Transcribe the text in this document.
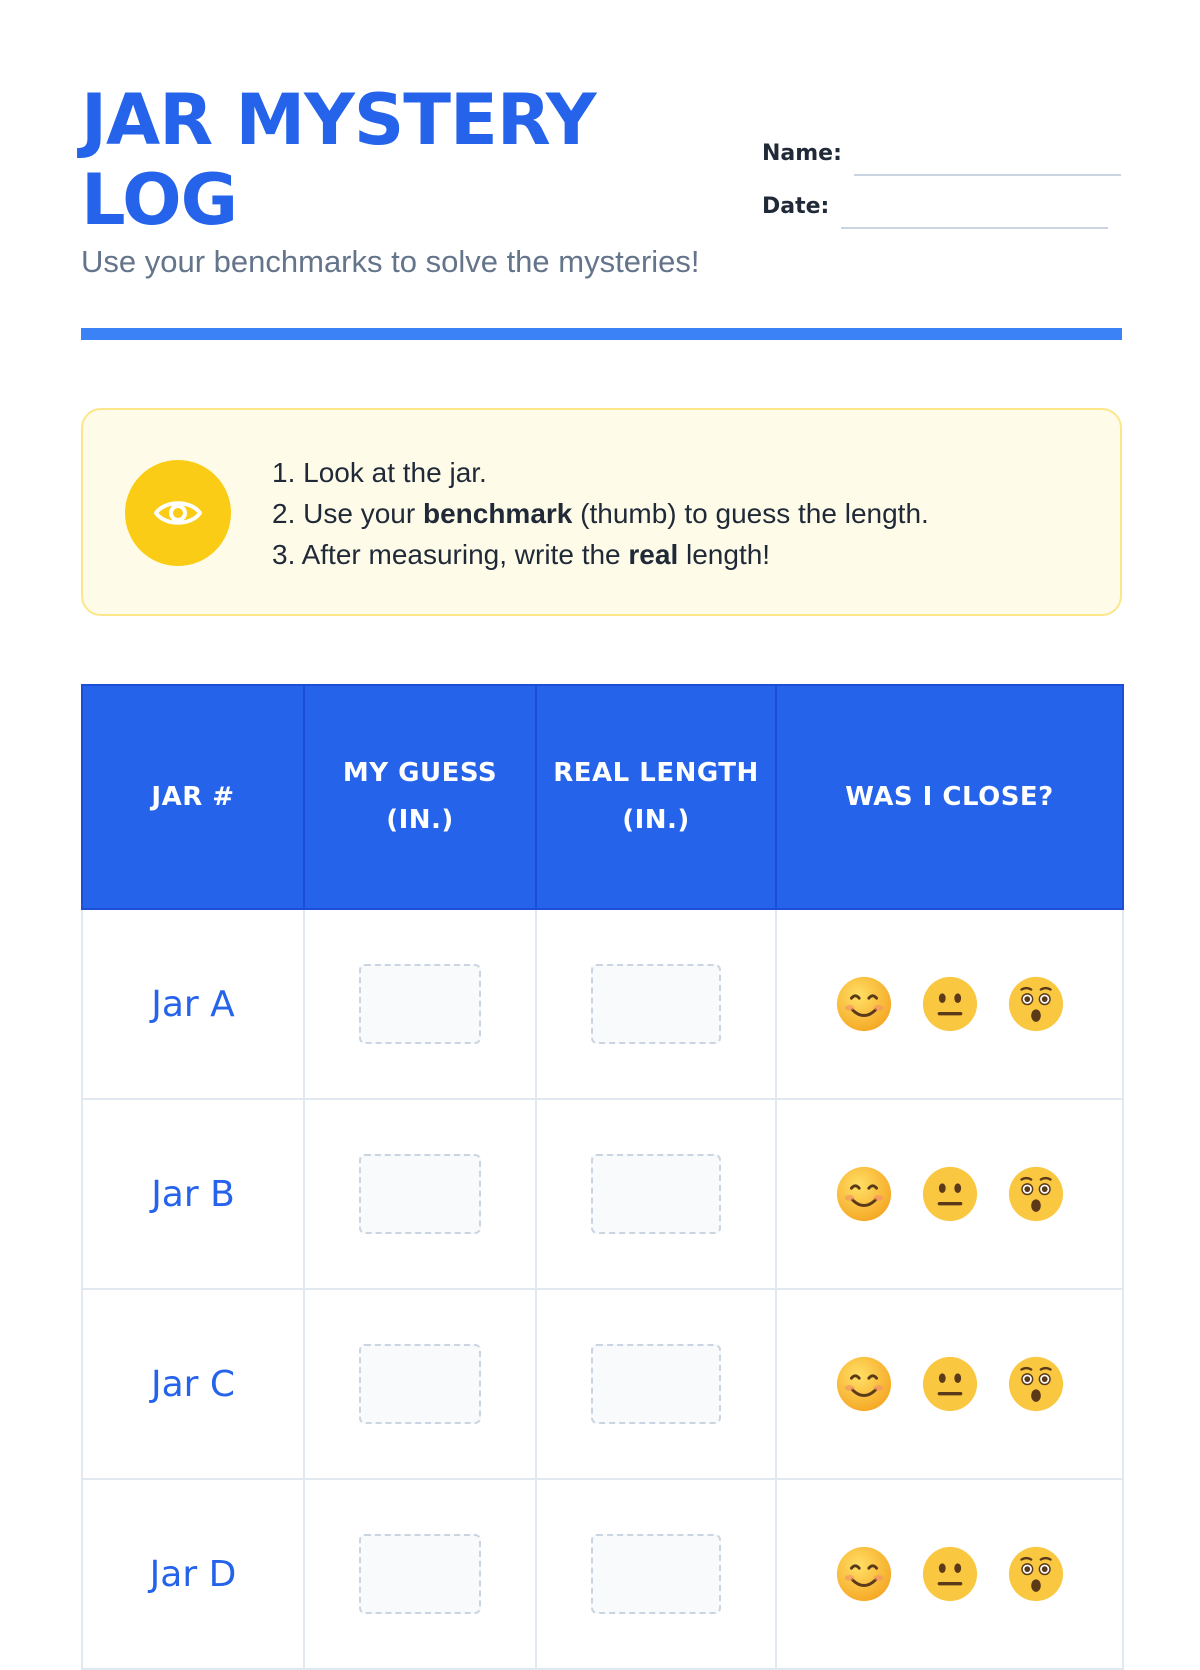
JAR MYSTERY LOG

Use your benchmarks to solve the mysteries!

Name:
Date:
1. Look at the jar.
2. Use your benchmark (thumb) to guess the length.
3. After measuring, write the real length!
JAR #	MY GUESS (IN.)	REAL LENGTH (IN.)	WAS I CLOSE?
Jar A			

Jar B			

Jar C			

Jar D			
